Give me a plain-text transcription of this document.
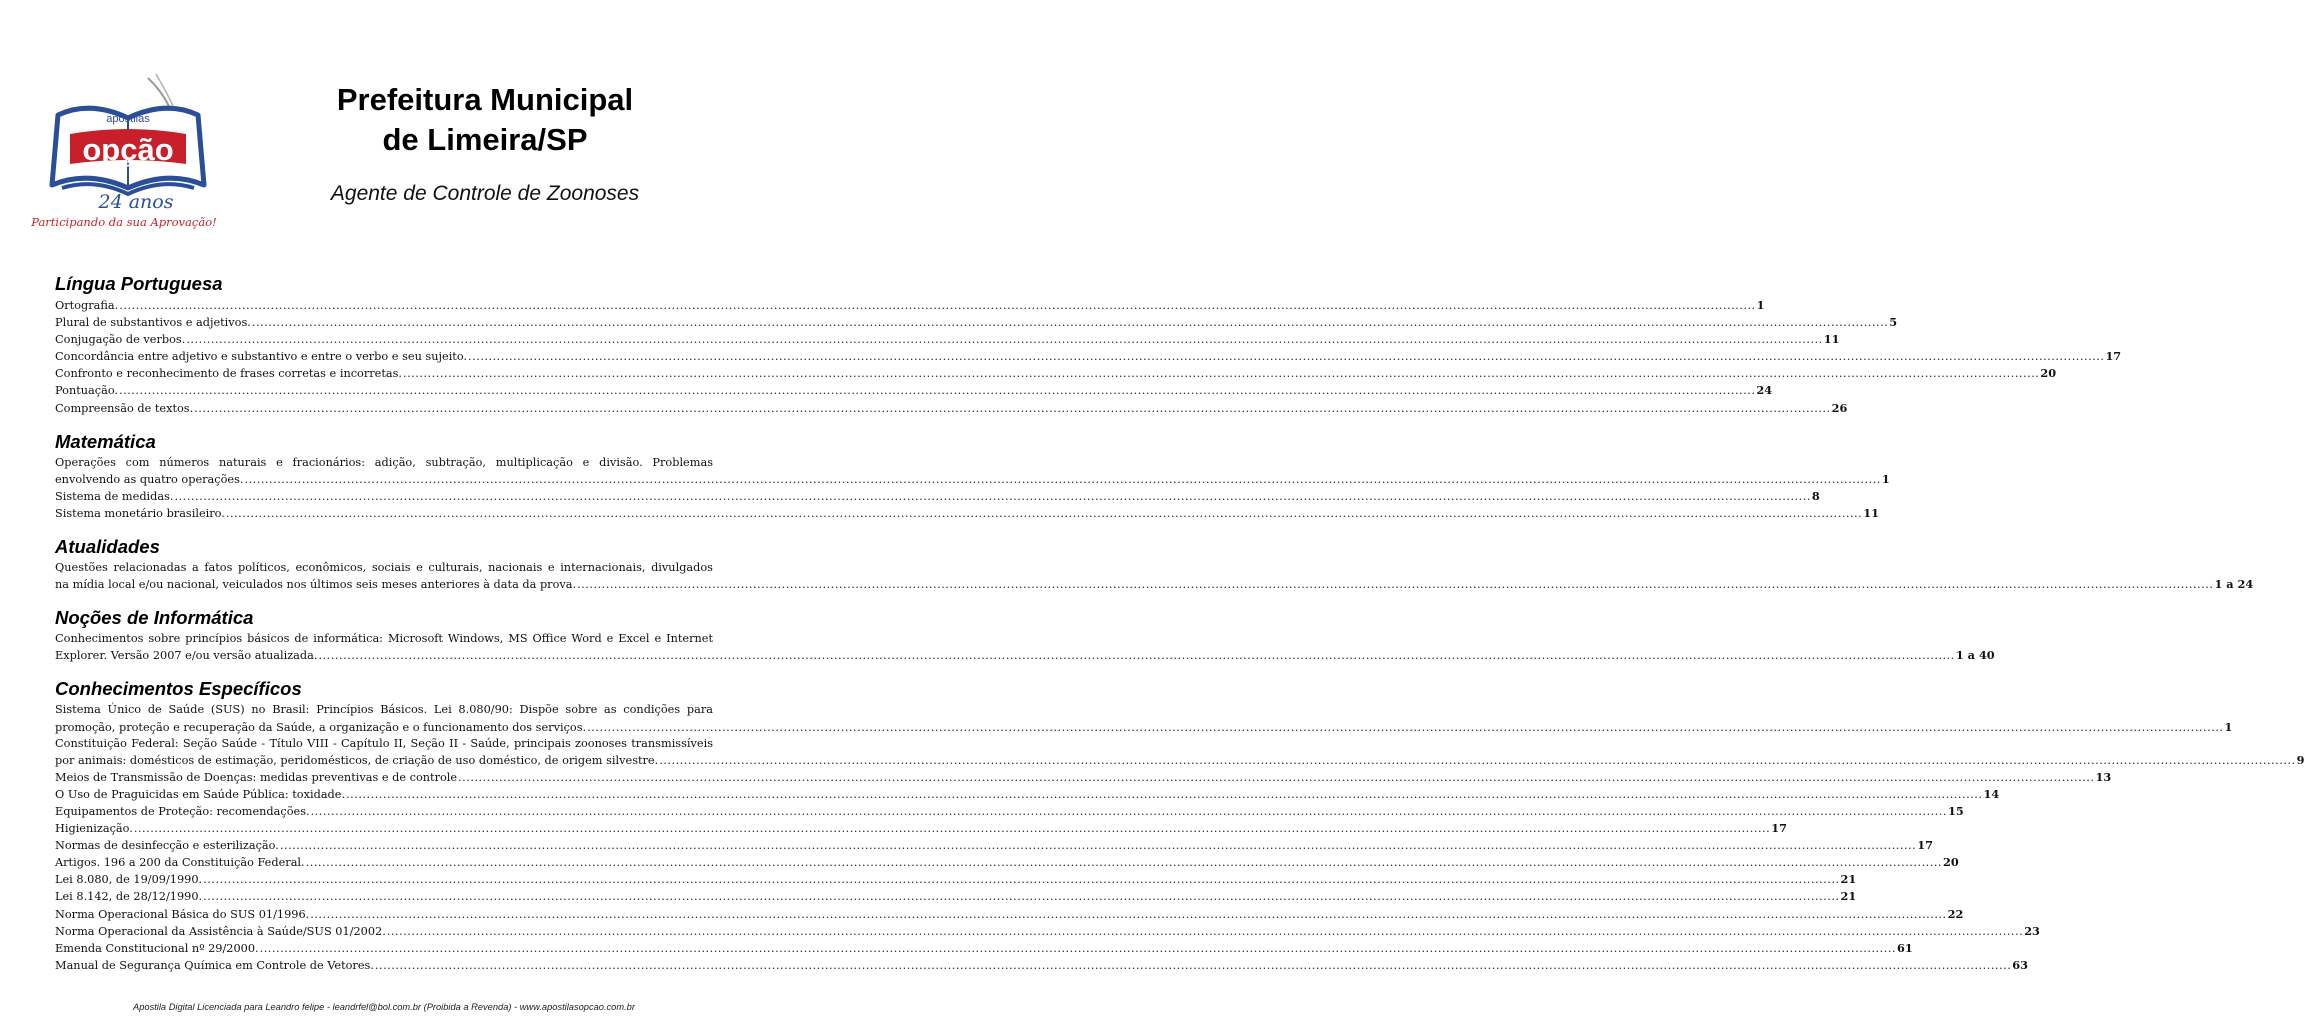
apostilas
opção
24 anos
Participando da sua Aprovação!
Prefeitura Municipal
de Limeira/SP
Agente de Controle de Zoonoses
Língua Portuguesa
Ortografia. ................................................................................................................................................................................................................................................................................................................................................................................................................ 1
Plural de substantivos e adjetivos. ................................................................................................................................................................................................................................................................................................................................................................................................................ 5
Conjugação de verbos. ................................................................................................................................................................................................................................................................................................................................................................................................................ 11
Concordância entre adjetivo e substantivo e entre o verbo e seu sujeito. ................................................................................................................................................................................................................................................................................................................................................................................................................ 17
Confronto e reconhecimento de frases corretas e incorretas. ................................................................................................................................................................................................................................................................................................................................................................................................................ 20
Pontuação. ................................................................................................................................................................................................................................................................................................................................................................................................................ 24
Compreensão de textos. ................................................................................................................................................................................................................................................................................................................................................................................................................ 26
Matemática
Operações com números naturais e fracionários: adição, subtração, multiplicação e divisão. Problemas
envolvendo as quatro operações. ................................................................................................................................................................................................................................................................................................................................................................................................................ 1
Sistema de medidas. ................................................................................................................................................................................................................................................................................................................................................................................................................ 8
Sistema monetário brasileiro. ................................................................................................................................................................................................................................................................................................................................................................................................................ 11
Atualidades
Questões relacionadas a fatos políticos, econômicos, sociais e culturais, nacionais e internacionais, divulgados
na mídia local e/ou nacional, veiculados nos últimos seis meses anteriores à data da prova. ................................................................................................................................................................................................................................................................................................................................................................................................................ 1 a 24
Noções de Informática
Conhecimentos sobre princípios básicos de informática: Microsoft Windows, MS Office Word e Excel e Internet
Explorer. Versão 2007 e/ou versão atualizada. ................................................................................................................................................................................................................................................................................................................................................................................................................ 1 a 40
Conhecimentos Específicos
Sistema Único de Saúde (SUS) no Brasil: Princípios Básicos. Lei 8.080/90: Dispõe sobre as condições para
promoção, proteção e recuperação da Saúde, a organização e o funcionamento dos serviços. ................................................................................................................................................................................................................................................................................................................................................................................................................ 1
Constituição Federal: Seção Saúde - Título VIII - Capítulo II, Seção II - Saúde, principais zoonoses transmissíveis
por animais: domésticos de estimação, peridomésticos, de criação de uso doméstico, de origem silvestre. ................................................................................................................................................................................................................................................................................................................................................................................................................ 9
Meios de Transmissão de Doenças: medidas preventivas e de controle ................................................................................................................................................................................................................................................................................................................................................................................................................ 13
O Uso de Praguicidas em Saúde Pública: toxidade. ................................................................................................................................................................................................................................................................................................................................................................................................................ 14
Equipamentos de Proteção: recomendações. ................................................................................................................................................................................................................................................................................................................................................................................................................ 15
Higienização. ................................................................................................................................................................................................................................................................................................................................................................................................................ 17
Normas de desinfecção e esterilização. ................................................................................................................................................................................................................................................................................................................................................................................................................ 17
Artigos. 196 a 200 da Constituição Federal. ................................................................................................................................................................................................................................................................................................................................................................................................................ 20
Lei 8.080, de 19/09/1990. ................................................................................................................................................................................................................................................................................................................................................................................................................ 21
Lei 8.142, de 28/12/1990. ................................................................................................................................................................................................................................................................................................................................................................................................................ 21
Norma Operacional Básica do SUS 01/1996. ................................................................................................................................................................................................................................................................................................................................................................................................................ 22
Norma Operacional da Assistência à Saúde/SUS 01/2002. ................................................................................................................................................................................................................................................................................................................................................................................................................ 23
Emenda Constitucional nº 29/2000. ................................................................................................................................................................................................................................................................................................................................................................................................................ 61
Manual de Segurança Química em Controle de Vetores. ................................................................................................................................................................................................................................................................................................................................................................................................................ 63
Apostila Digital Licenciada para Leandro felipe - leandrfel@bol.com.br (Proibida a Revenda) - www.apostilasopcao.com.br
